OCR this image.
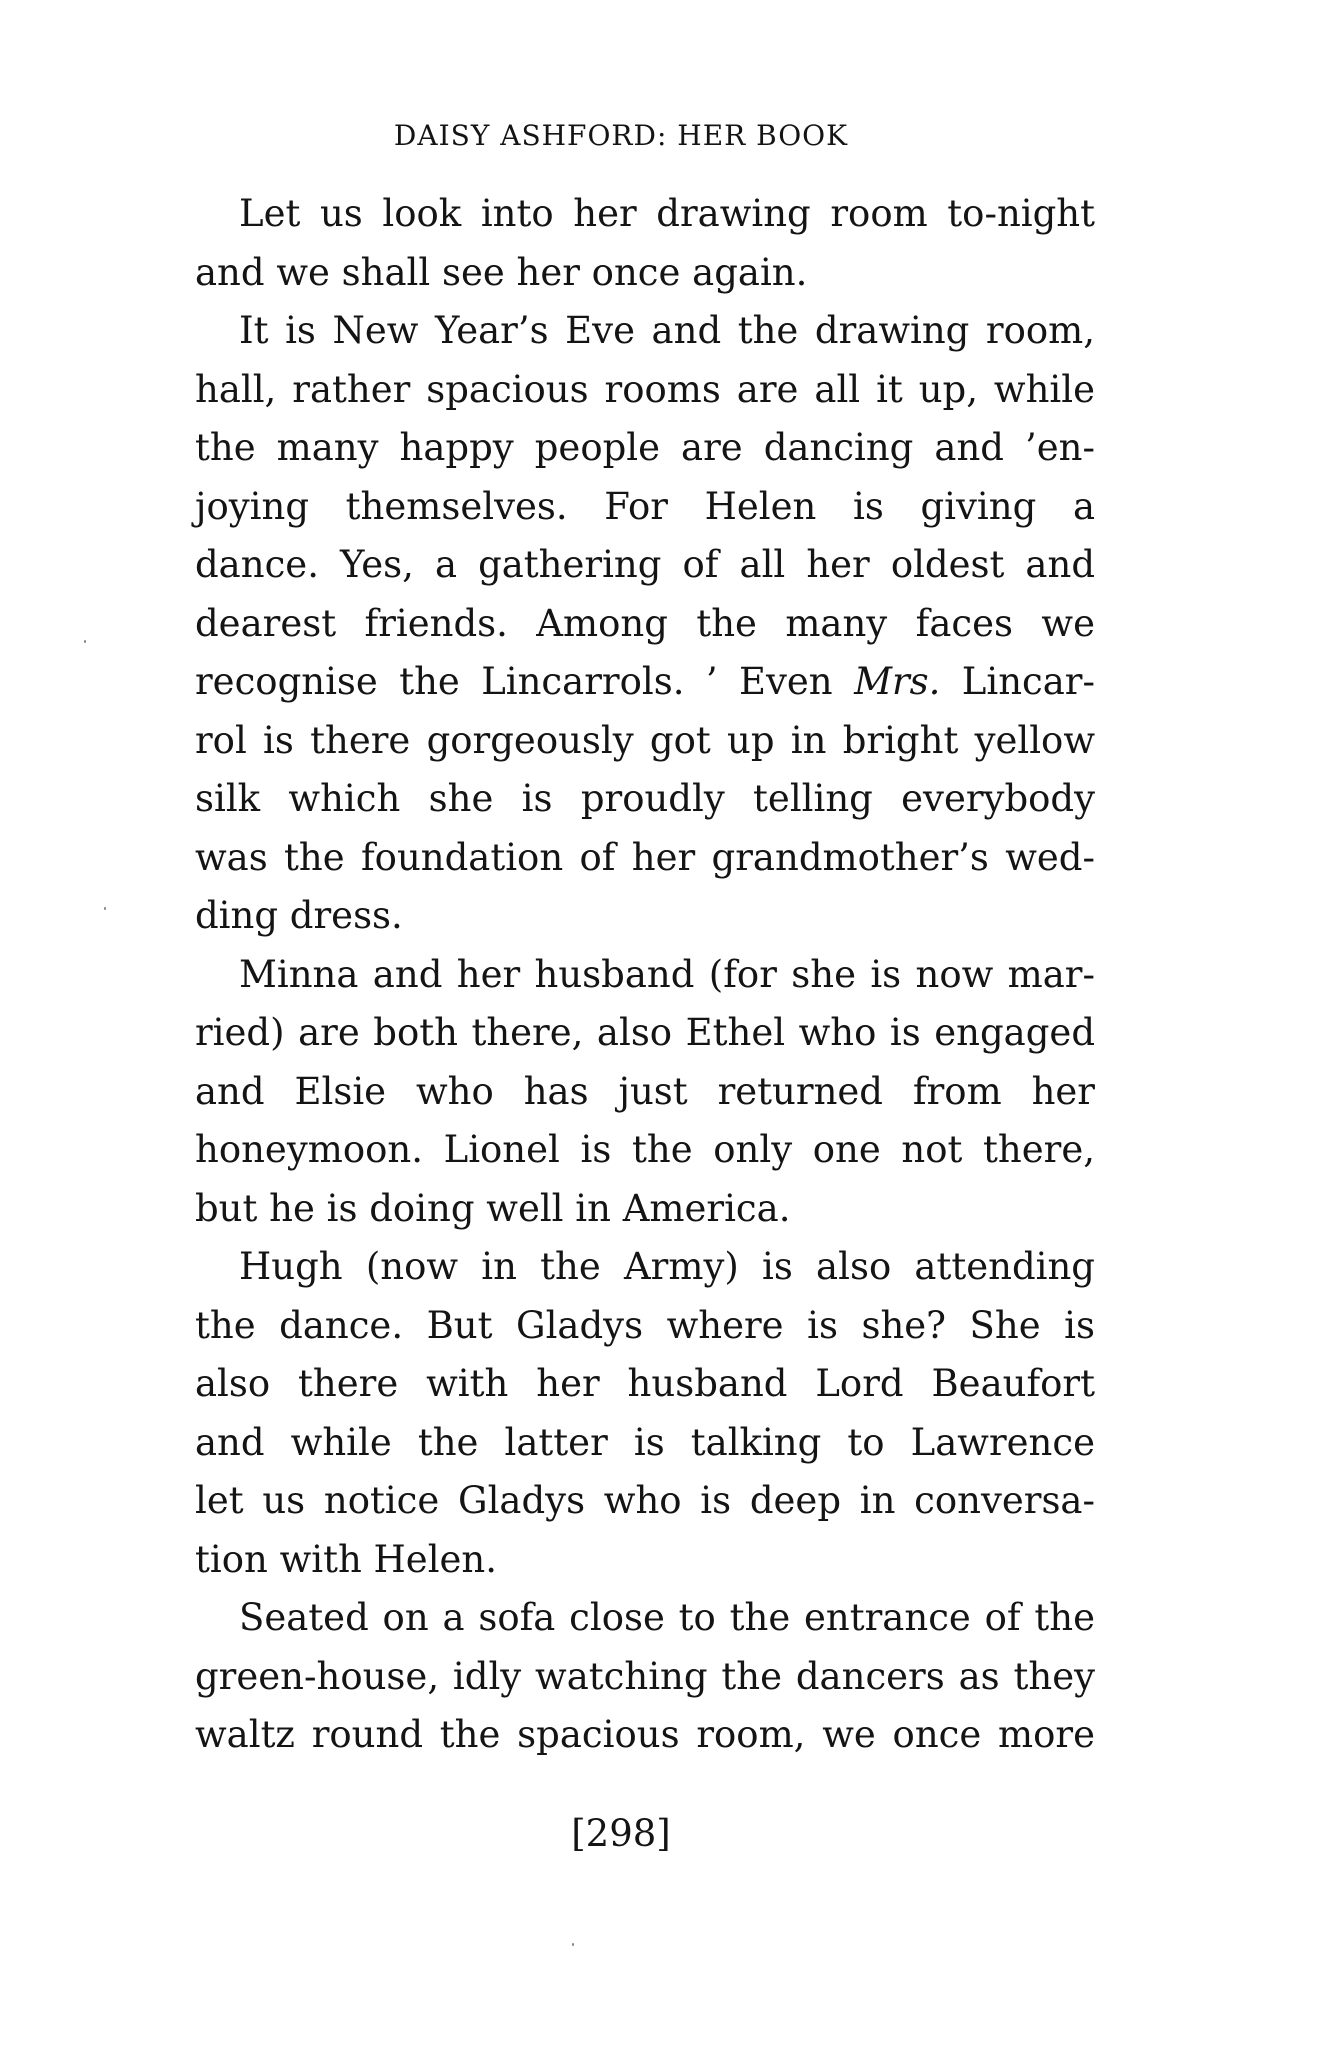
DAISY ASHFORD: HER BOOK

Let us look into her drawing room to-night
and we shall see her once again.

It is New Year’s Eve and the drawing room,
hall, rather spacious rooms are all it up, while
the many happy people are dancing and ’en-
joying themselves. For Helen is giving a
dance. Yes, a gathering of all her oldest and
dearest friends. Among the many faces we
recognise the Lincarrols. ’ Even Mrs. Lincar-
rol is there gorgeously got up in bright yellow
silk which she is proudly telling everybody
was the foundation of her grandmother’s wed-
ding dress.

Minna and her husband (for she is now mar-
ried) are both there, also Ethel who is engaged
and Elsie who has just returned from her
honeymoon. Lionel is the only one not there,
but he is doing well in America.

Hugh (now in the Army) is also attending
the dance. But Gladys where is she? She is
also there with her husband Lord Beaufort
and while the latter is talking to Lawrence
let us notice Gladys who is deep in conversa-
tion with Helen.

Seated on a sofa close to the entrance of the
green-house, idly watching the dancers as they
waltz round the spacious room, we once more

[298]
